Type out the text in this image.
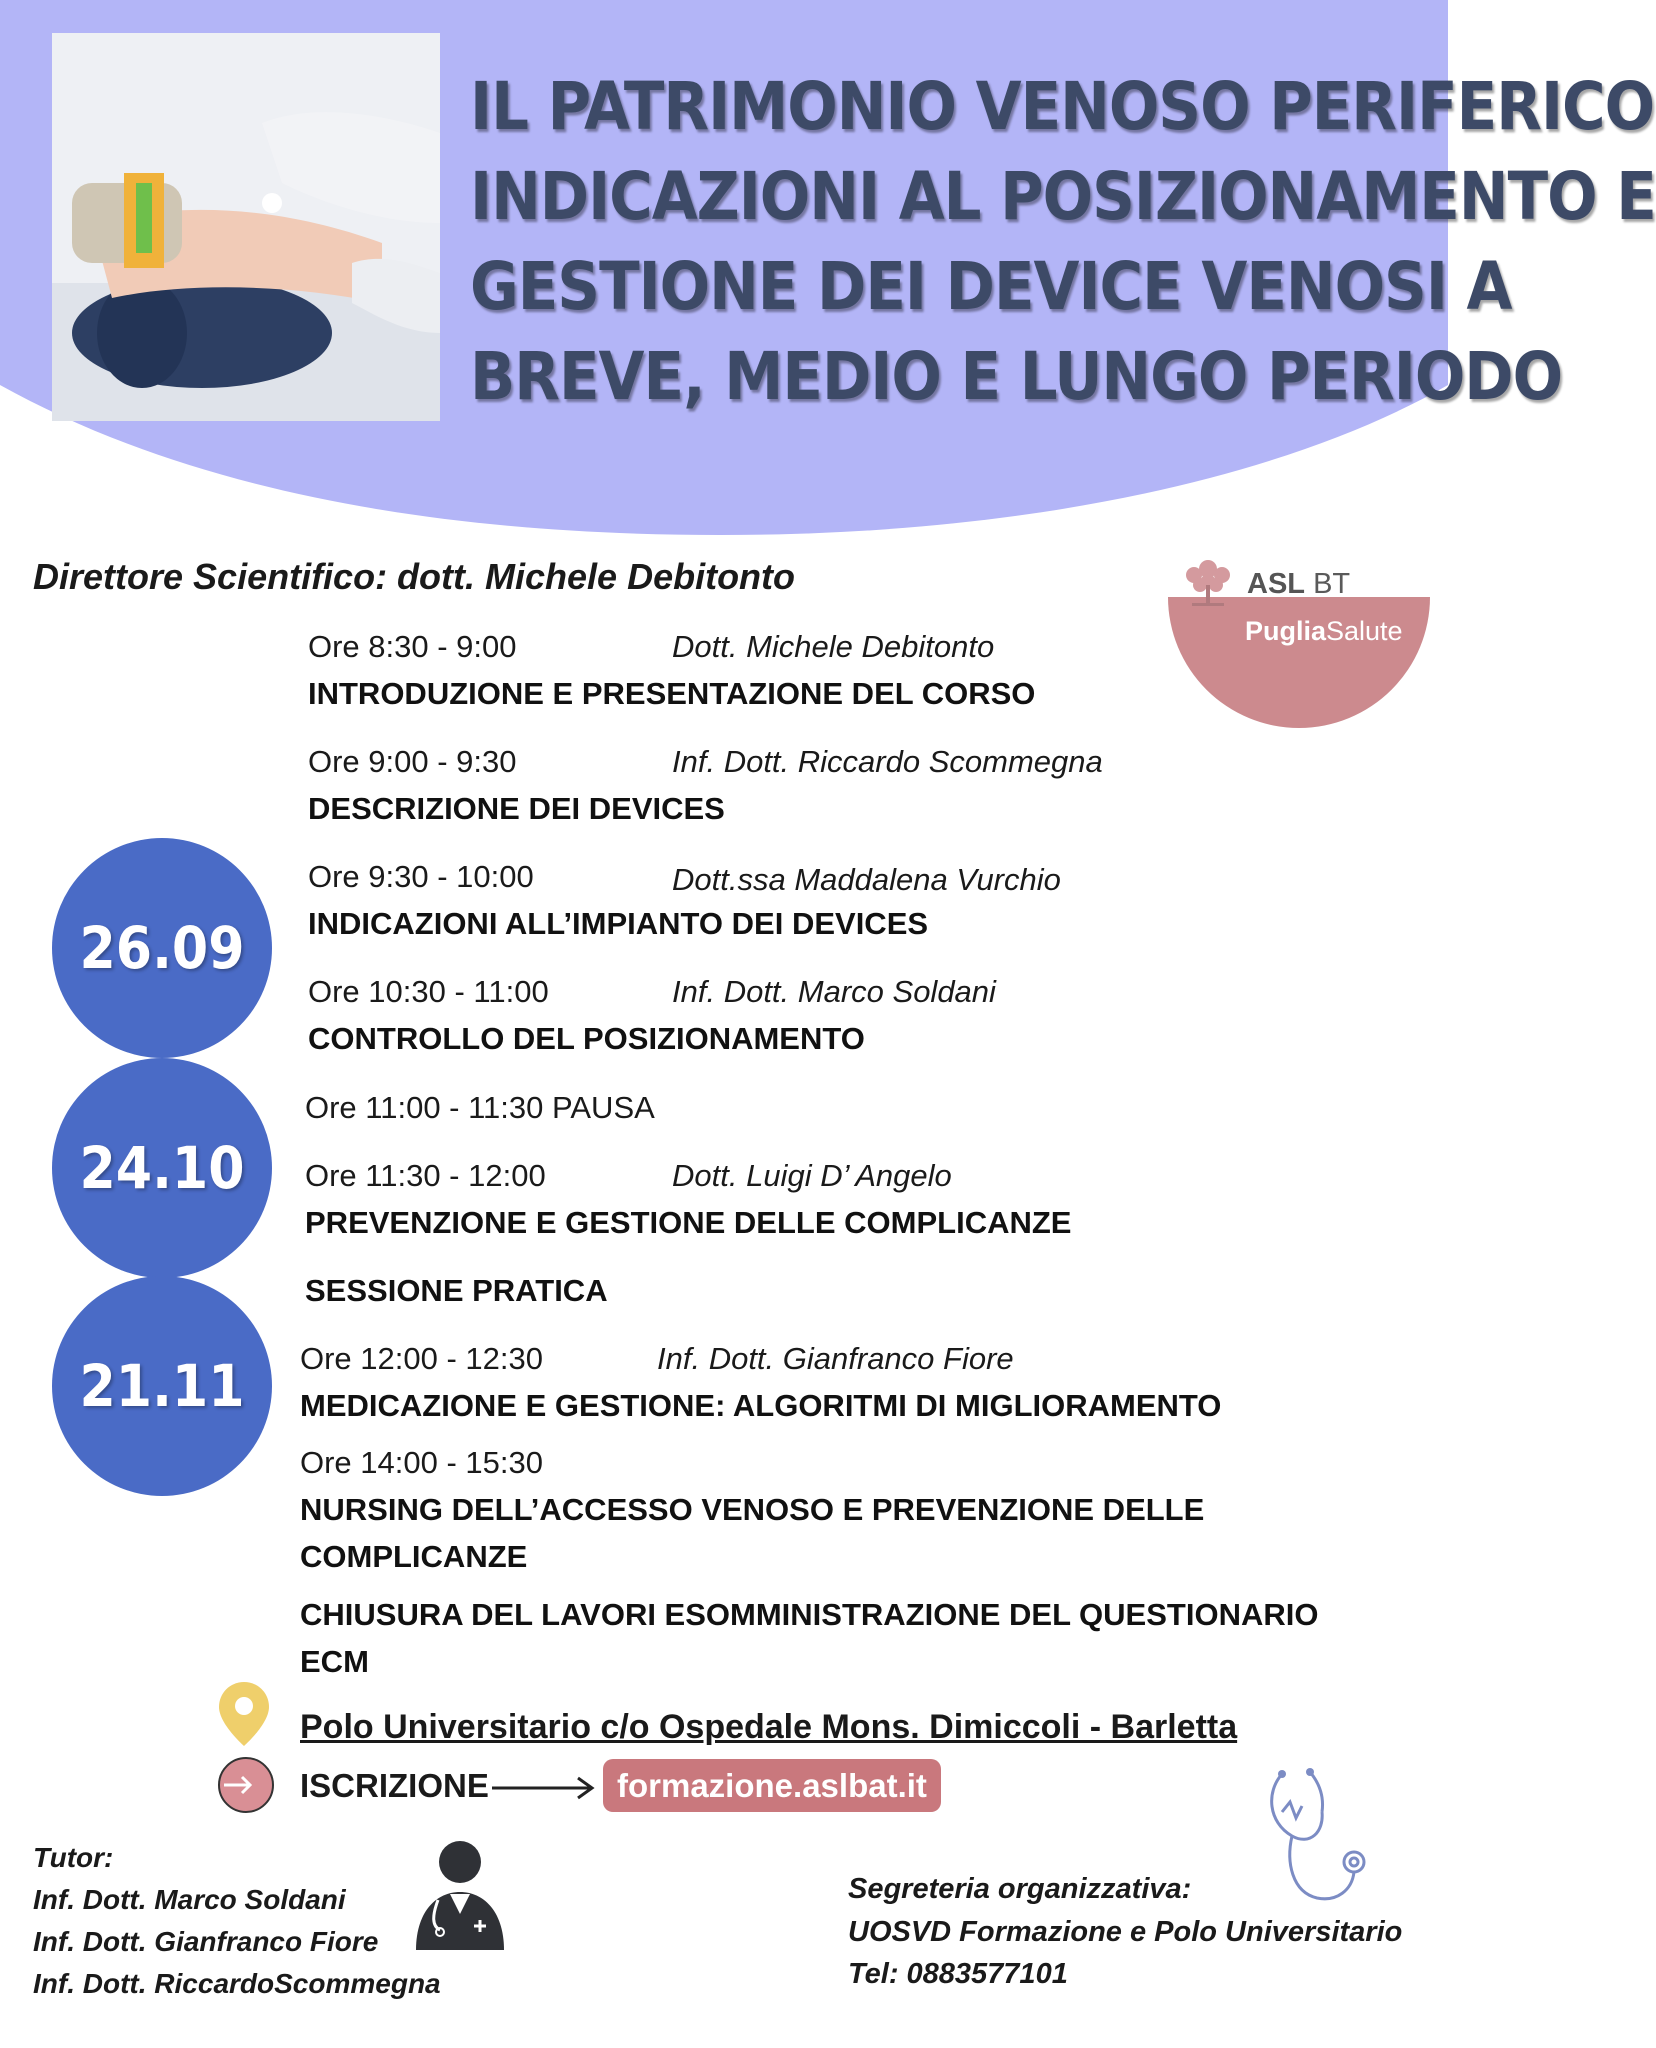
IL PATRIMONIO VENOSO PERIFERICO
INDICAZIONI AL POSIZIONAMENTO E
GESTIONE DEI DEVICE VENOSI A
BREVE, MEDIO E LUNGO PERIODO
Direttore Scientifico: dott. Michele Debitonto	ASL BT
PugliaSalute
26.09
24.10
21.11
Ore 8:30 - 9:00	Dott. Michele Debitonto
INTRODUZIONE E PRESENTAZIONE DEL CORSO
Ore 9:00 - 9:30	Inf. Dott. Riccardo Scommegna
DESCRIZIONE DEI DEVICES
Ore 9:30 - 10:00	Dott.ssa Maddalena Vurchio
INDICAZIONI ALL’IMPIANTO DEI DEVICES
Ore 10:30 - 11:00	Inf. Dott. Marco Soldani
CONTROLLO DEL POSIZIONAMENTO
Ore 11:00 - 11:30 PAUSA
Ore 11:30 - 12:00	Dott. Luigi D’ Angelo
PREVENZIONE E GESTIONE DELLE COMPLICANZE
SESSIONE PRATICA
Ore 12:00 - 12:30	Inf. Dott. Gianfranco Fiore
MEDICAZIONE E GESTIONE: ALGORITMI DI MIGLIORAMENTO
Ore 14:00 - 15:30
NURSING DELL’ACCESSO VENOSO E PREVENZIONE DELLE
COMPLICANZE
CHIUSURA DEL LAVORI ESOMMINISTRAZIONE DEL QUESTIONARIO
ECM
Polo Universitario c/o Ospedale Mons. Dimiccoli - Barletta
ISCRIZIONE	formazione.aslbat.it
Tutor:
Inf. Dott. Marco Soldani
Inf. Dott. Gianfranco Fiore
Inf. Dott. RiccardoScommegna
Segreteria organizzativa:
UOSVD Formazione e Polo Universitario
Tel: 0883577101
